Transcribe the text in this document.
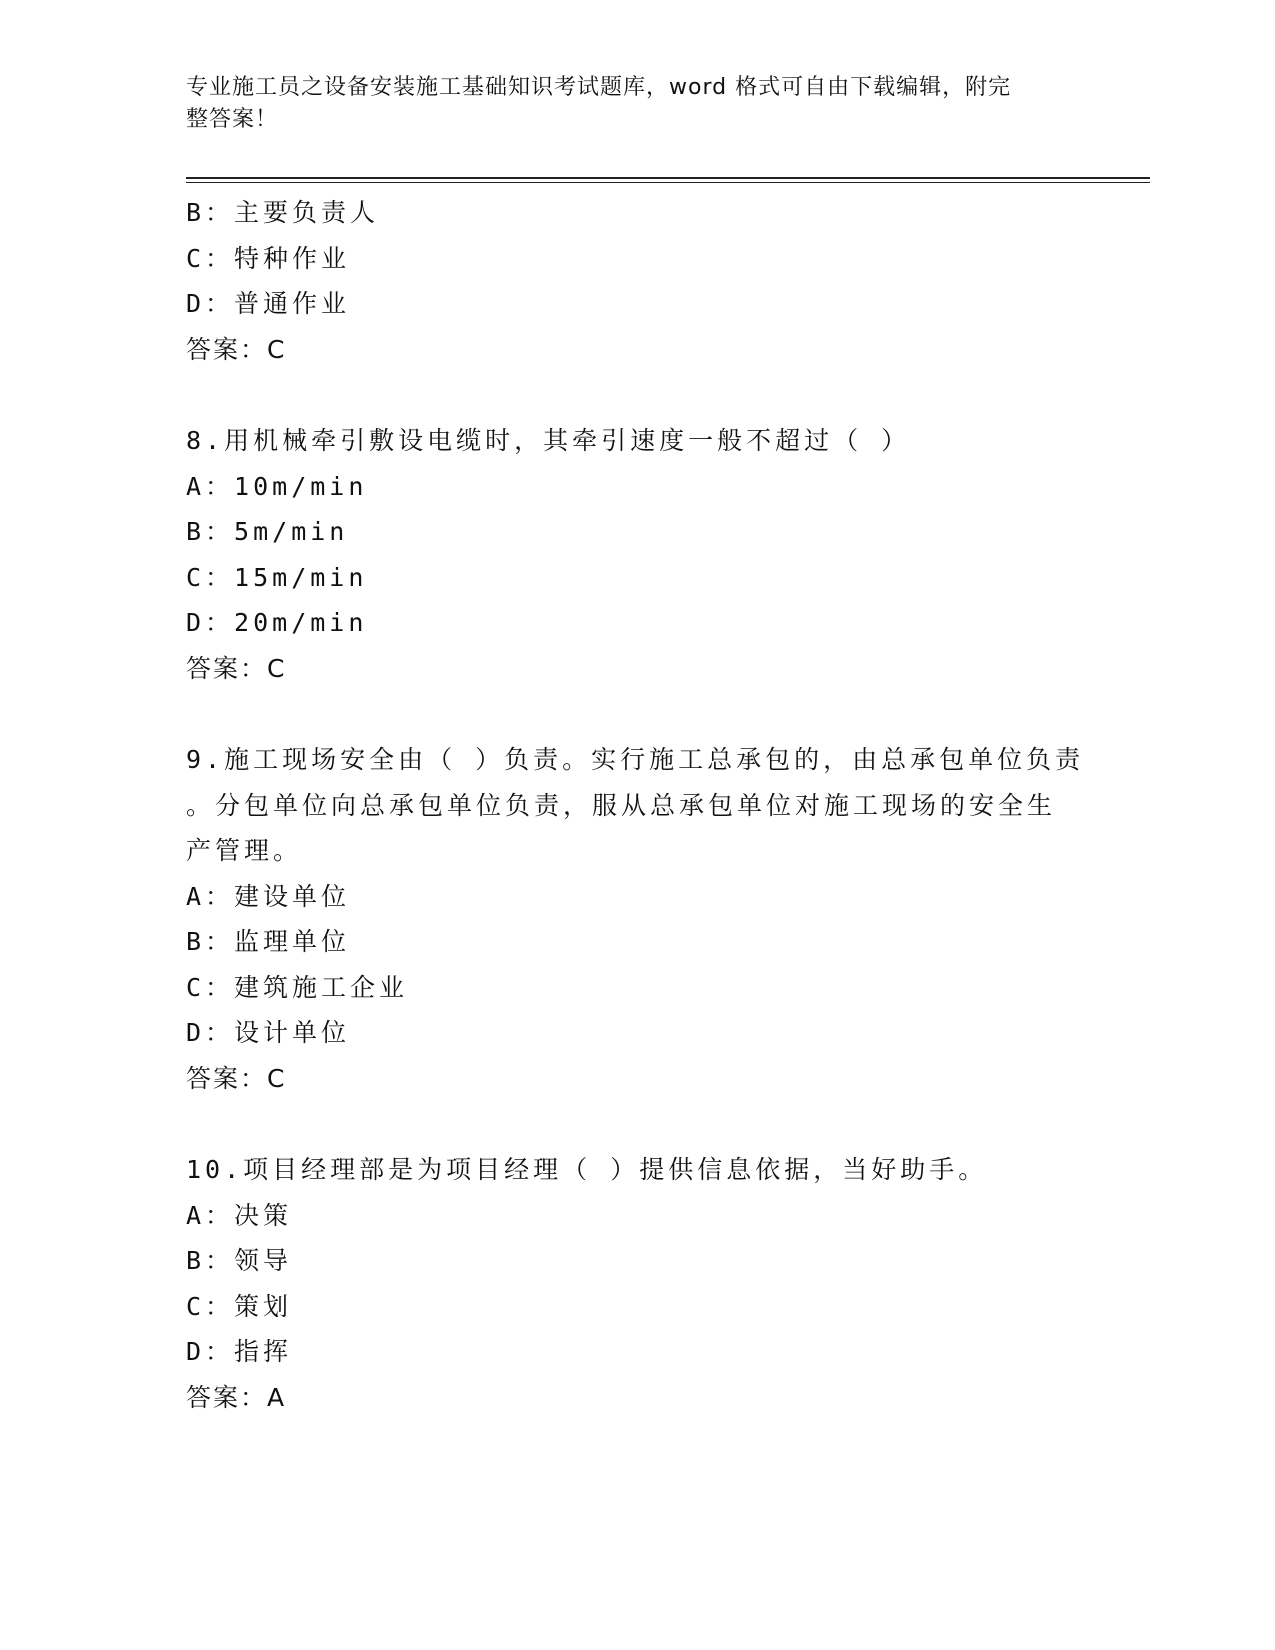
专业施工员之设备安装施工基础知识考试题库，word 格式可自由下载编辑，附完
整答案！
B：主要负责人
C：特种作业
D：普通作业
答案：C
8.用机械牵引敷设电缆时，其牵引速度一般不超过（ ）
A：10m/min
B：5m/min
C：15m/min
D：20m/min
答案：C
9.施工现场安全由（ ）负责。实行施工总承包的，由总承包单位负责
。分包单位向总承包单位负责，服从总承包单位对施工现场的安全生
产管理。
A：建设单位
B：监理单位
C：建筑施工企业
D：设计单位
答案：C
10.项目经理部是为项目经理（ ）提供信息依据，当好助手。
A：决策
B：领导
C：策划
D：指挥
答案：A
